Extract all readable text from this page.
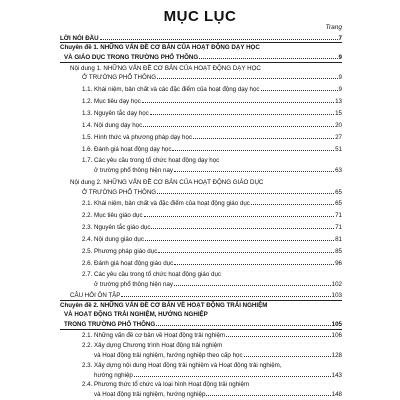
MỤC LỤC
Trang
LỜI NÓI ĐẦU	7
Chuyên đề 1. NHỮNG VẤN ĐỀ CƠ BẢN CỦA HOẠT ĐỘNG DẠY HỌC
VÀ GIÁO DỤC TRONG TRƯỜNG PHỔ THÔNG	9
Nội dung 1. NHỮNG VẤN ĐỀ CƠ BẢN CỦA HOẠT ĐỘNG DẠY HỌC
Ở TRƯỜNG PHỔ THÔNG	9
1.1. Khái niệm, bản chất và các đặc điểm của hoạt động dạy học	9
1.2. Mục tiêu dạy học	13
1.3. Nguyên tắc dạy học	15
1.4. Nội dung dạy học	20
1.5. Hình thức và phương pháp dạy học	27
1.6. Đánh giá hoạt động dạy học	51
1.7. Các yêu cầu trong tổ chức hoạt động dạy học
ở trường phổ thông hiện nay	63
Nội dung 2. NHỮNG VẤN ĐỀ CƠ BẢN CỦA HOẠT ĐỘNG GIÁO DỤC
Ở TRƯỜNG PHỔ THÔNG	65
2.1. Khái niệm, bản chất và đặc điểm của hoạt động giáo dục	65
2.2. Mục tiêu giáo dục	71
2.3. Nguyên tắc giáo dục	71
2.4. Nội dung giáo dục	81
2.5. Phương pháp giáo dục	85
2.6. Đánh giá hoạt động giáo dục	96
2.7. Các yêu cầu trong tổ chức hoạt động giáo dục
ở trường phổ thông hiện nay	102
CÂU HỎI ÔN TẬP	103
Chuyên đề 2. NHỮNG VẤN ĐỀ CƠ BẢN VỀ HOẠT ĐỘNG TRẢI NGHIỆM
VÀ HOẠT ĐỘNG TRẢI NGHIỆM, HƯỚNG NGHIỆP
TRONG TRƯỜNG PHỔ THÔNG	105
2.1. Những vấn đề cơ bản về Hoạt động trải nghiệm	106
2.2. Xây dựng Chương trình Hoạt động trải nghiệm
và Hoạt động trải nghiệm, hướng nghiệp theo cấp học	128
2.3. Xây dựng nội dung Hoạt động trải nghiệm và Hoạt động trải nghiệm,
hướng nghiệp	143
2.4. Phương thức tổ chức và loại hình Hoạt động trải nghiệm
và Hoạt động trải nghiệm, hướng nghiệp	148
